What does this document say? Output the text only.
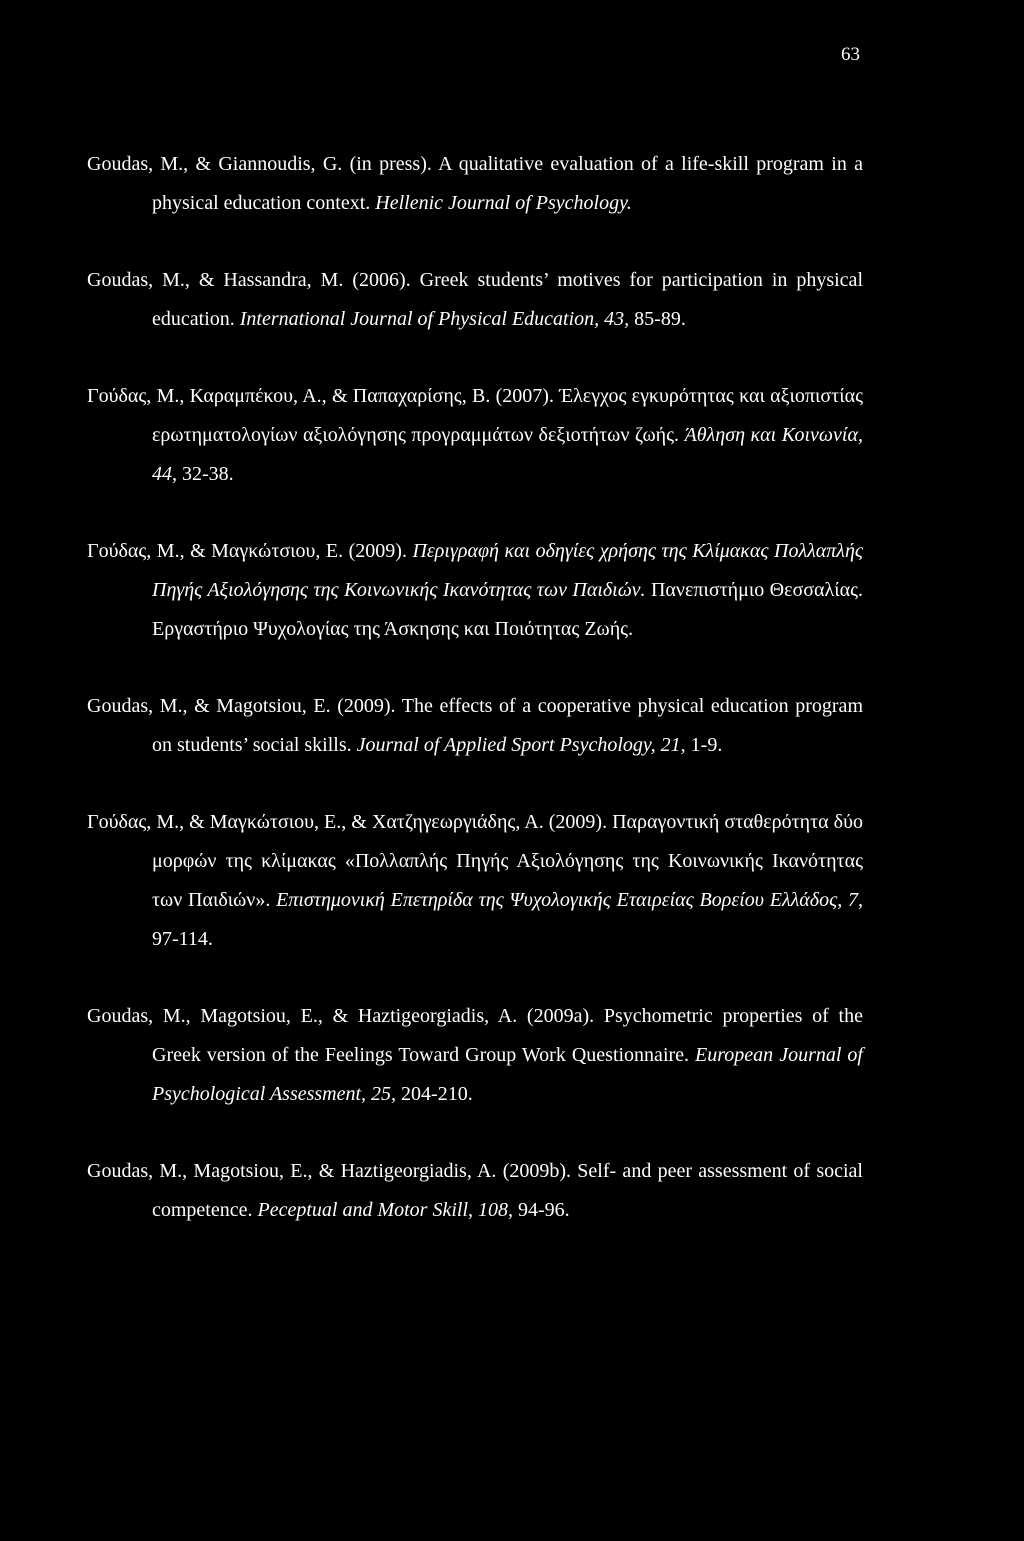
63

Goudas, M., & Giannoudis, G. (in press). A qualitative evaluation of a life-skill program in a physical education context. Hellenic Journal of Psychology.

Goudas, M., & Hassandra, M. (2006). Greek students’ motives for participation in physical education. International Journal of Physical Education, 43, 85-89.

Γούδας, Μ., Καραμπέκου, Α., & Παπαχαρίσης, Β. (2007). Έλεγχος εγκυρότητας και αξιοπιστίας ερωτηματολογίων αξιολόγησης προγραμμάτων δεξιοτήτων ζωής. Άθληση και Κοινωνία, 44, 32-38.

Γούδας, Μ., & Μαγκώτσιου, Ε. (2009). Περιγραφή και οδηγίες χρήσης της Κλίμακας Πολλαπλής Πηγής Αξιολόγησης της Κοινωνικής Ικανότητας των Παιδιών. Πανεπιστήμιο Θεσσαλίας. Εργαστήριο Ψυχολογίας της Άσκησης και Ποιότητας Ζωής.

Goudas, M., & Magotsiou, E. (2009). The effects of a cooperative physical education program on students’ social skills. Journal of Applied Sport Psychology, 21, 1-9.

Γούδας, Μ., & Μαγκώτσιου, Ε., & Χατζηγεωργιάδης, Α. (2009). Παραγοντική σταθερότητα δύο μορφών της κλίμακας «Πολλαπλής Πηγής Αξιολόγησης της Κοινωνικής Ικανότητας των Παιδιών». Επιστημονική Επετηρίδα της Ψυχολογικής Εταιρείας Βορείου Ελλάδος, 7, 97-114.

Goudas, M., Magotsiou, E., & Haztigeorgiadis, A. (2009a). Psychometric properties of the Greek version of the Feelings Toward Group Work Questionnaire. European Journal of Psychological Assessment, 25, 204-210.

Goudas, M., Magotsiou, E., & Haztigeorgiadis, A. (2009b). Self- and peer assessment of social competence. Peceptual and Motor Skill, 108, 94-96.
